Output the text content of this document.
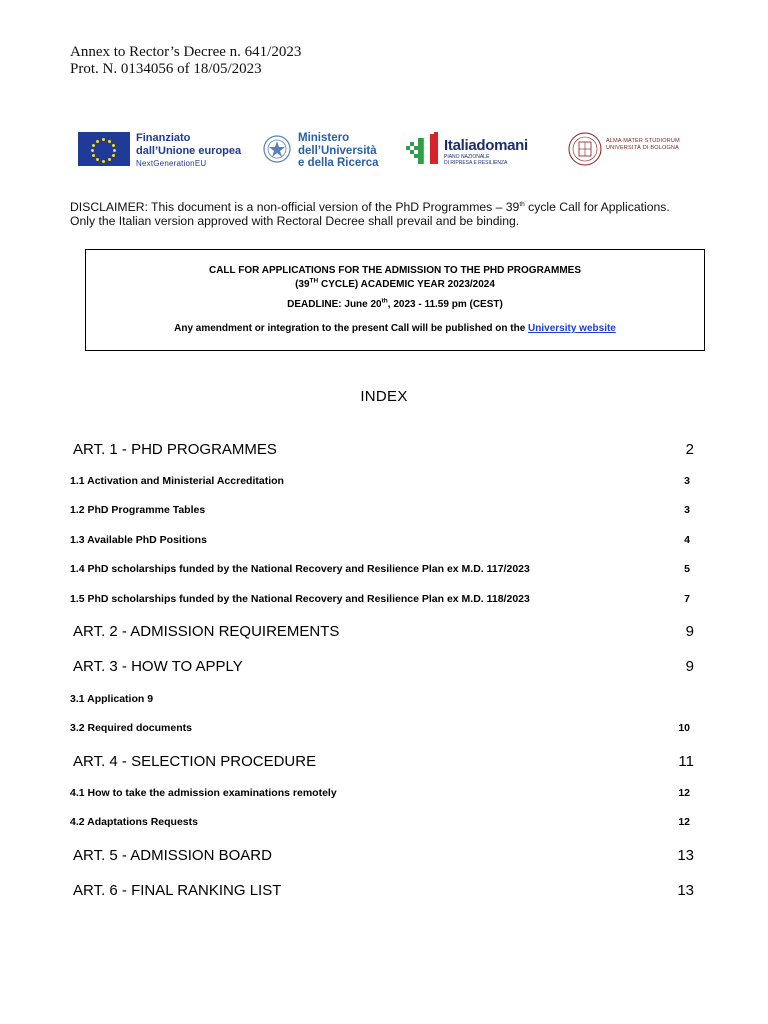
Annex to Rector’s Decree n. 641/2023
Prot. N. 0134056 of 18/05/2023
Finanziato
dall’Unione europea
NextGenerationEU
Ministero
dell’Università
e della Ricerca
Italiadomani
PIANO NAZIONALE
DI RIPRESA E RESILIENZA
ALMA MATER STUDIORUM
UNIVERSITÀ DI BOLOGNA
DISCLAIMER: This document is a non-official version of the PhD Programmes – 39th cycle Call for Applications. Only the Italian version approved with Rectoral Decree shall prevail and be binding.
CALL FOR APPLICATIONS FOR THE ADMISSION TO THE PHD PROGRAMMES
(39TH CYCLE) ACADEMIC YEAR 2023/2024
DEADLINE: June 20th, 2023 - 11.59 pm (CEST)
Any amendment or integration to the present Call will be published on the University website
INDEX
ART. 1 - PHD PROGRAMMES	2
1.1 Activation and Ministerial Accreditation	3
1.2 PhD Programme Tables	3
1.3 Available PhD Positions	4
1.4 PhD scholarships funded by the National Recovery and Resilience Plan ex M.D. 117/2023	5
1.5 PhD scholarships funded by the National Recovery and Resilience Plan ex M.D. 118/2023	7
ART. 2 - ADMISSION REQUIREMENTS	9
ART. 3 - HOW TO APPLY	9
3.1 Application 9
3.2 Required documents	10
ART. 4 - SELECTION PROCEDURE	11
4.1 How to take the admission examinations remotely	12
4.2 Adaptations Requests	12
ART. 5 - ADMISSION BOARD	13
ART. 6 - FINAL RANKING LIST	13
